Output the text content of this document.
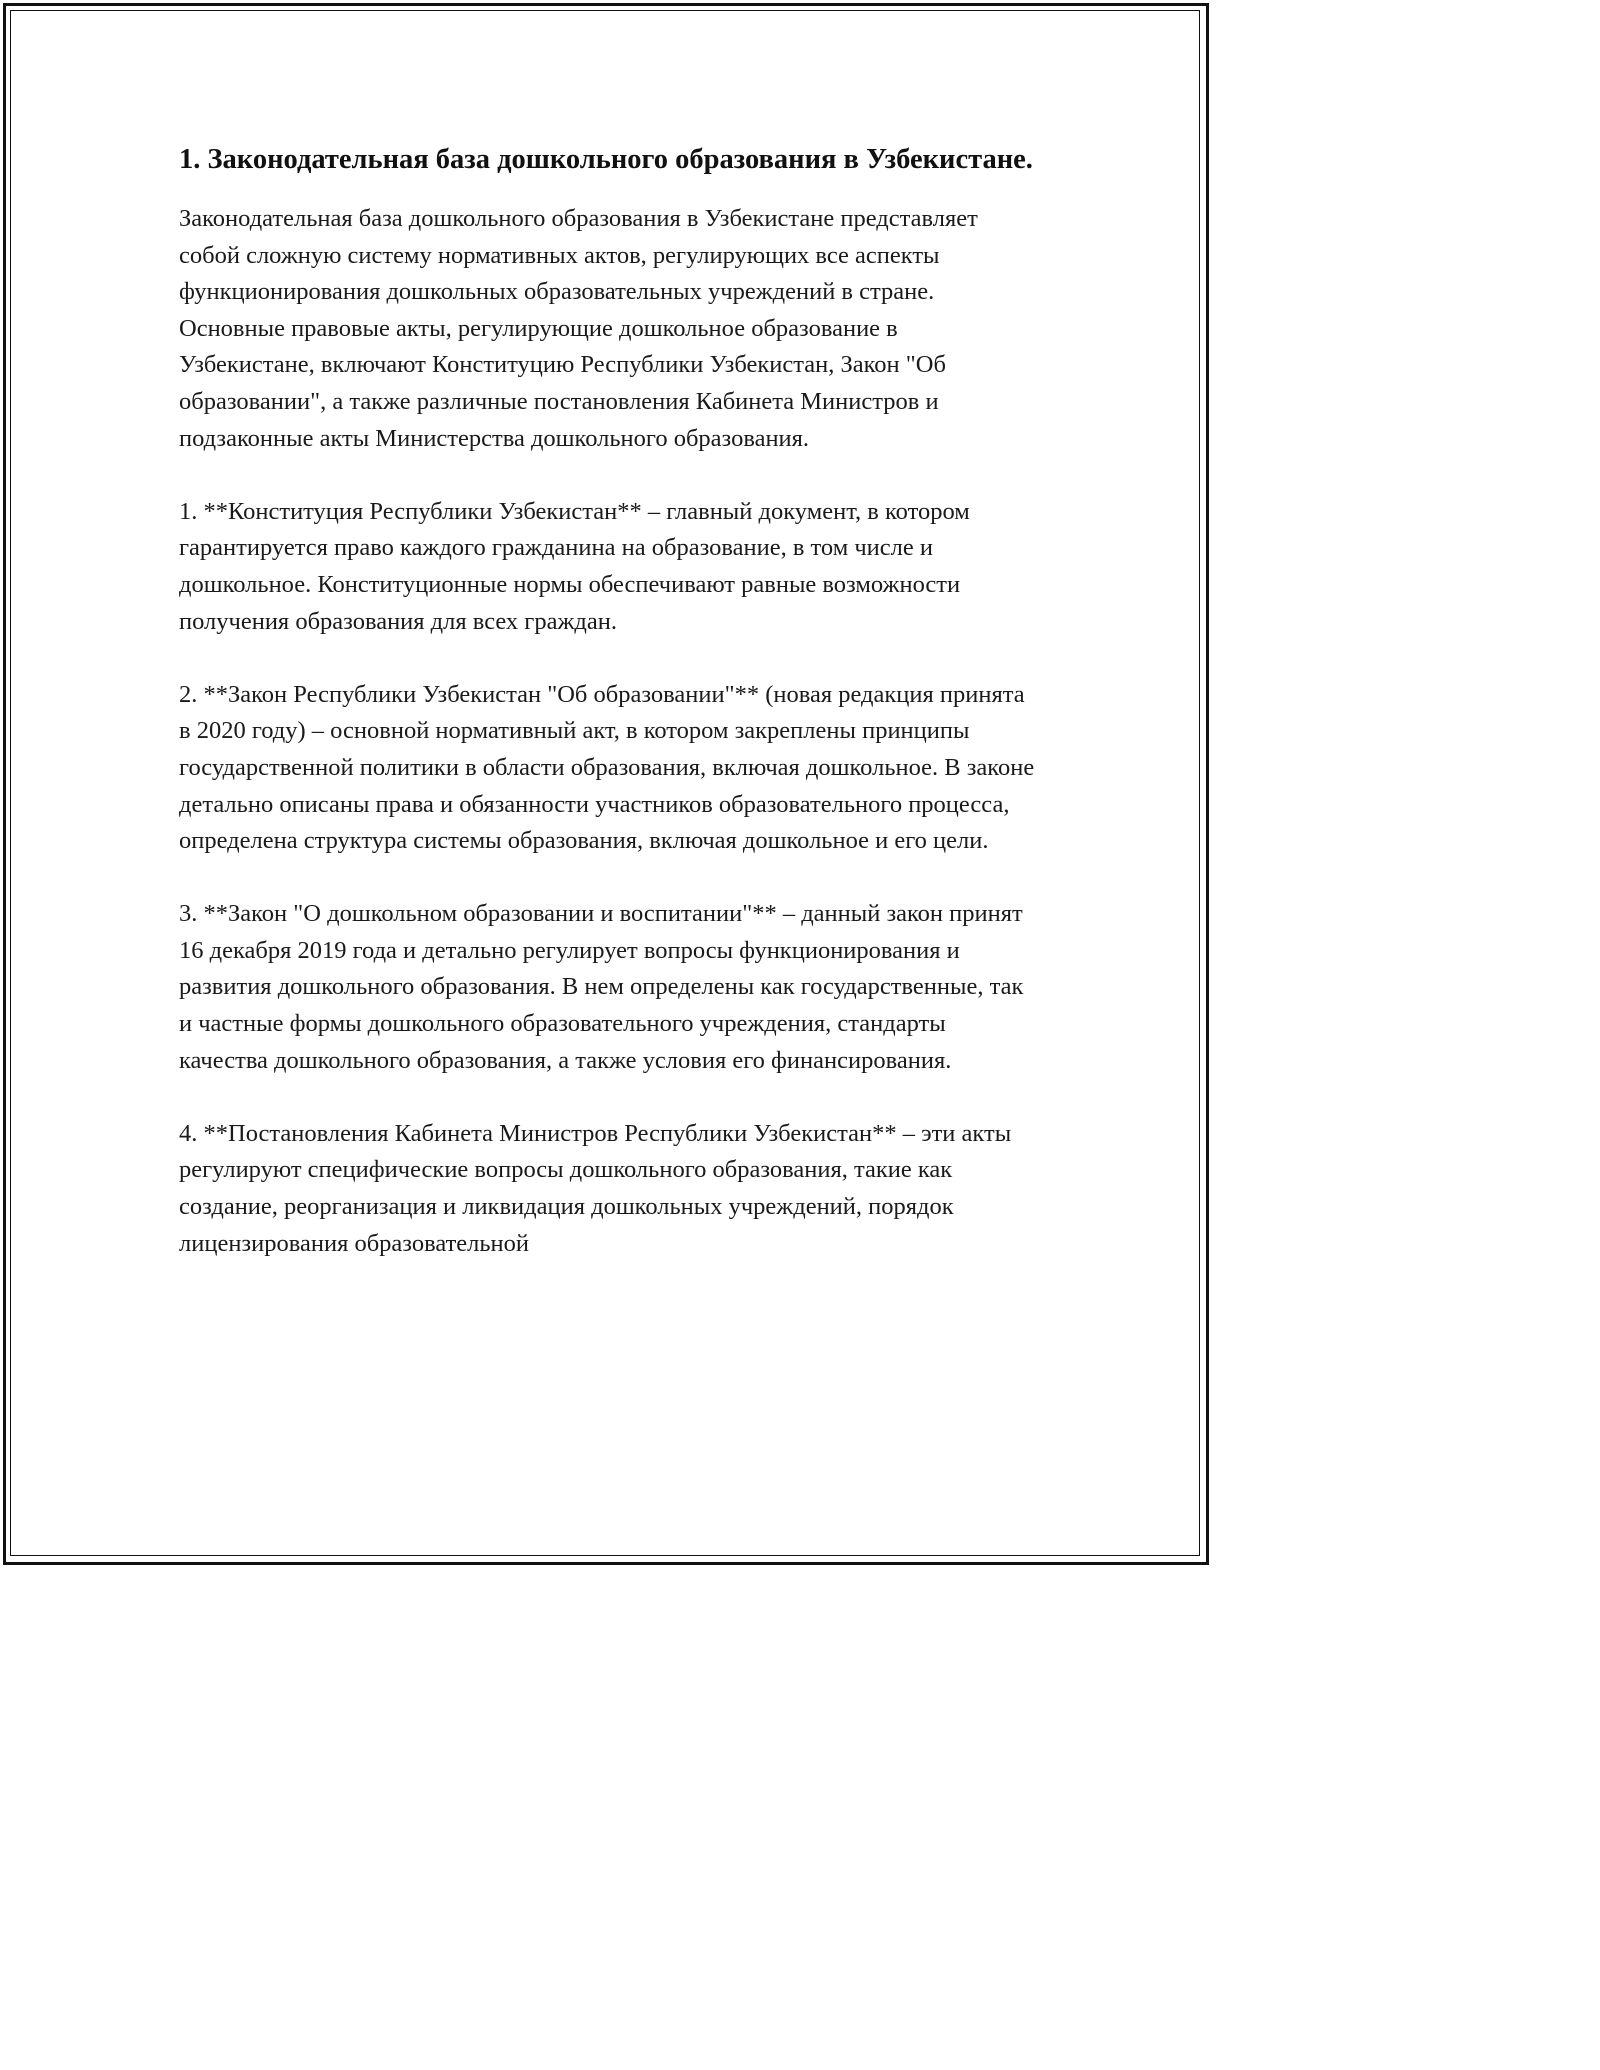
1. Законодательная база дошкольного образования в Узбекистане.

Законодательная база дошкольного образования в Узбекистане представляет собой сложную систему нормативных актов, регулирующих все аспекты функционирования дошкольных образовательных учреждений в стране. Основные правовые акты, регулирующие дошкольное образование в Узбекистане, включают Конституцию Республики Узбекистан, Закон "Об образовании", а также различные постановления Кабинета Министров и подзаконные акты Министерства дошкольного образования.

1. **Конституция Республики Узбекистан** – главный документ, в котором гарантируется право каждого гражданина на образование, в том числе и дошкольное. Конституционные нормы обеспечивают равные возможности получения образования для всех граждан.

2. **Закон Республики Узбекистан "Об образовании"** (новая редакция принята в 2020 году) – основной нормативный акт, в котором закреплены принципы государственной политики в области образования, включая дошкольное. В законе детально описаны права и обязанности участников образовательного процесса, определена структура системы образования, включая дошкольное и его цели.

3. **Закон "О дошкольном образовании и воспитании"** – данный закон принят 16 декабря 2019 года и детально регулирует вопросы функционирования и развития дошкольного образования. В нем определены как государственные, так и частные формы дошкольного образовательного учреждения, стандарты качества дошкольного образования, а также условия его финансирования.

4. **Постановления Кабинета Министров Республики Узбекистан** – эти акты регулируют специфические вопросы дошкольного образования, такие как создание, реорганизация и ликвидация дошкольных учреждений, порядок лицензирования образовательной
